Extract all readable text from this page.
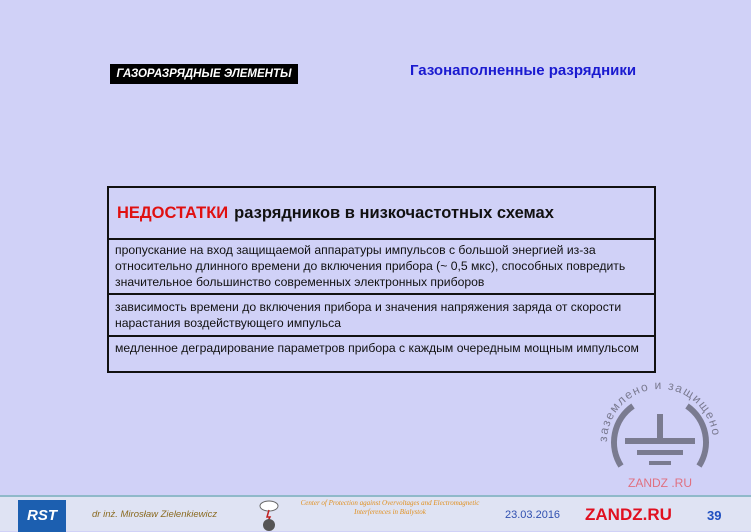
ГАЗОРАЗРЯДНЫЕ ЭЛЕМЕНТЫ	Газонаполненные разрядники
НЕДОСТАТКИ разрядников в низкочастотных схемах
пропускание на вход защищаемой аппаратуры импульсов с большой энергией из-за относительно длинного времени до включения прибора (~ 0,5 мкс), способных повредить значительное большинство современных электронных приборов
зависимость времени до включения прибора и значения напряжения заряда от скорости нарастания воздействующего импульса
медленное деградирование параметров прибора с каждым очередным мощным импульсом
заземлено и защищено
ZANDZ .RU
RST	dr inż. Mirosław Zielenkiewicz
Center of Protection against Overvoltages and Electromagnetic Interferences in Bialystok	23.03.2016 ZANDZ.RU	39
